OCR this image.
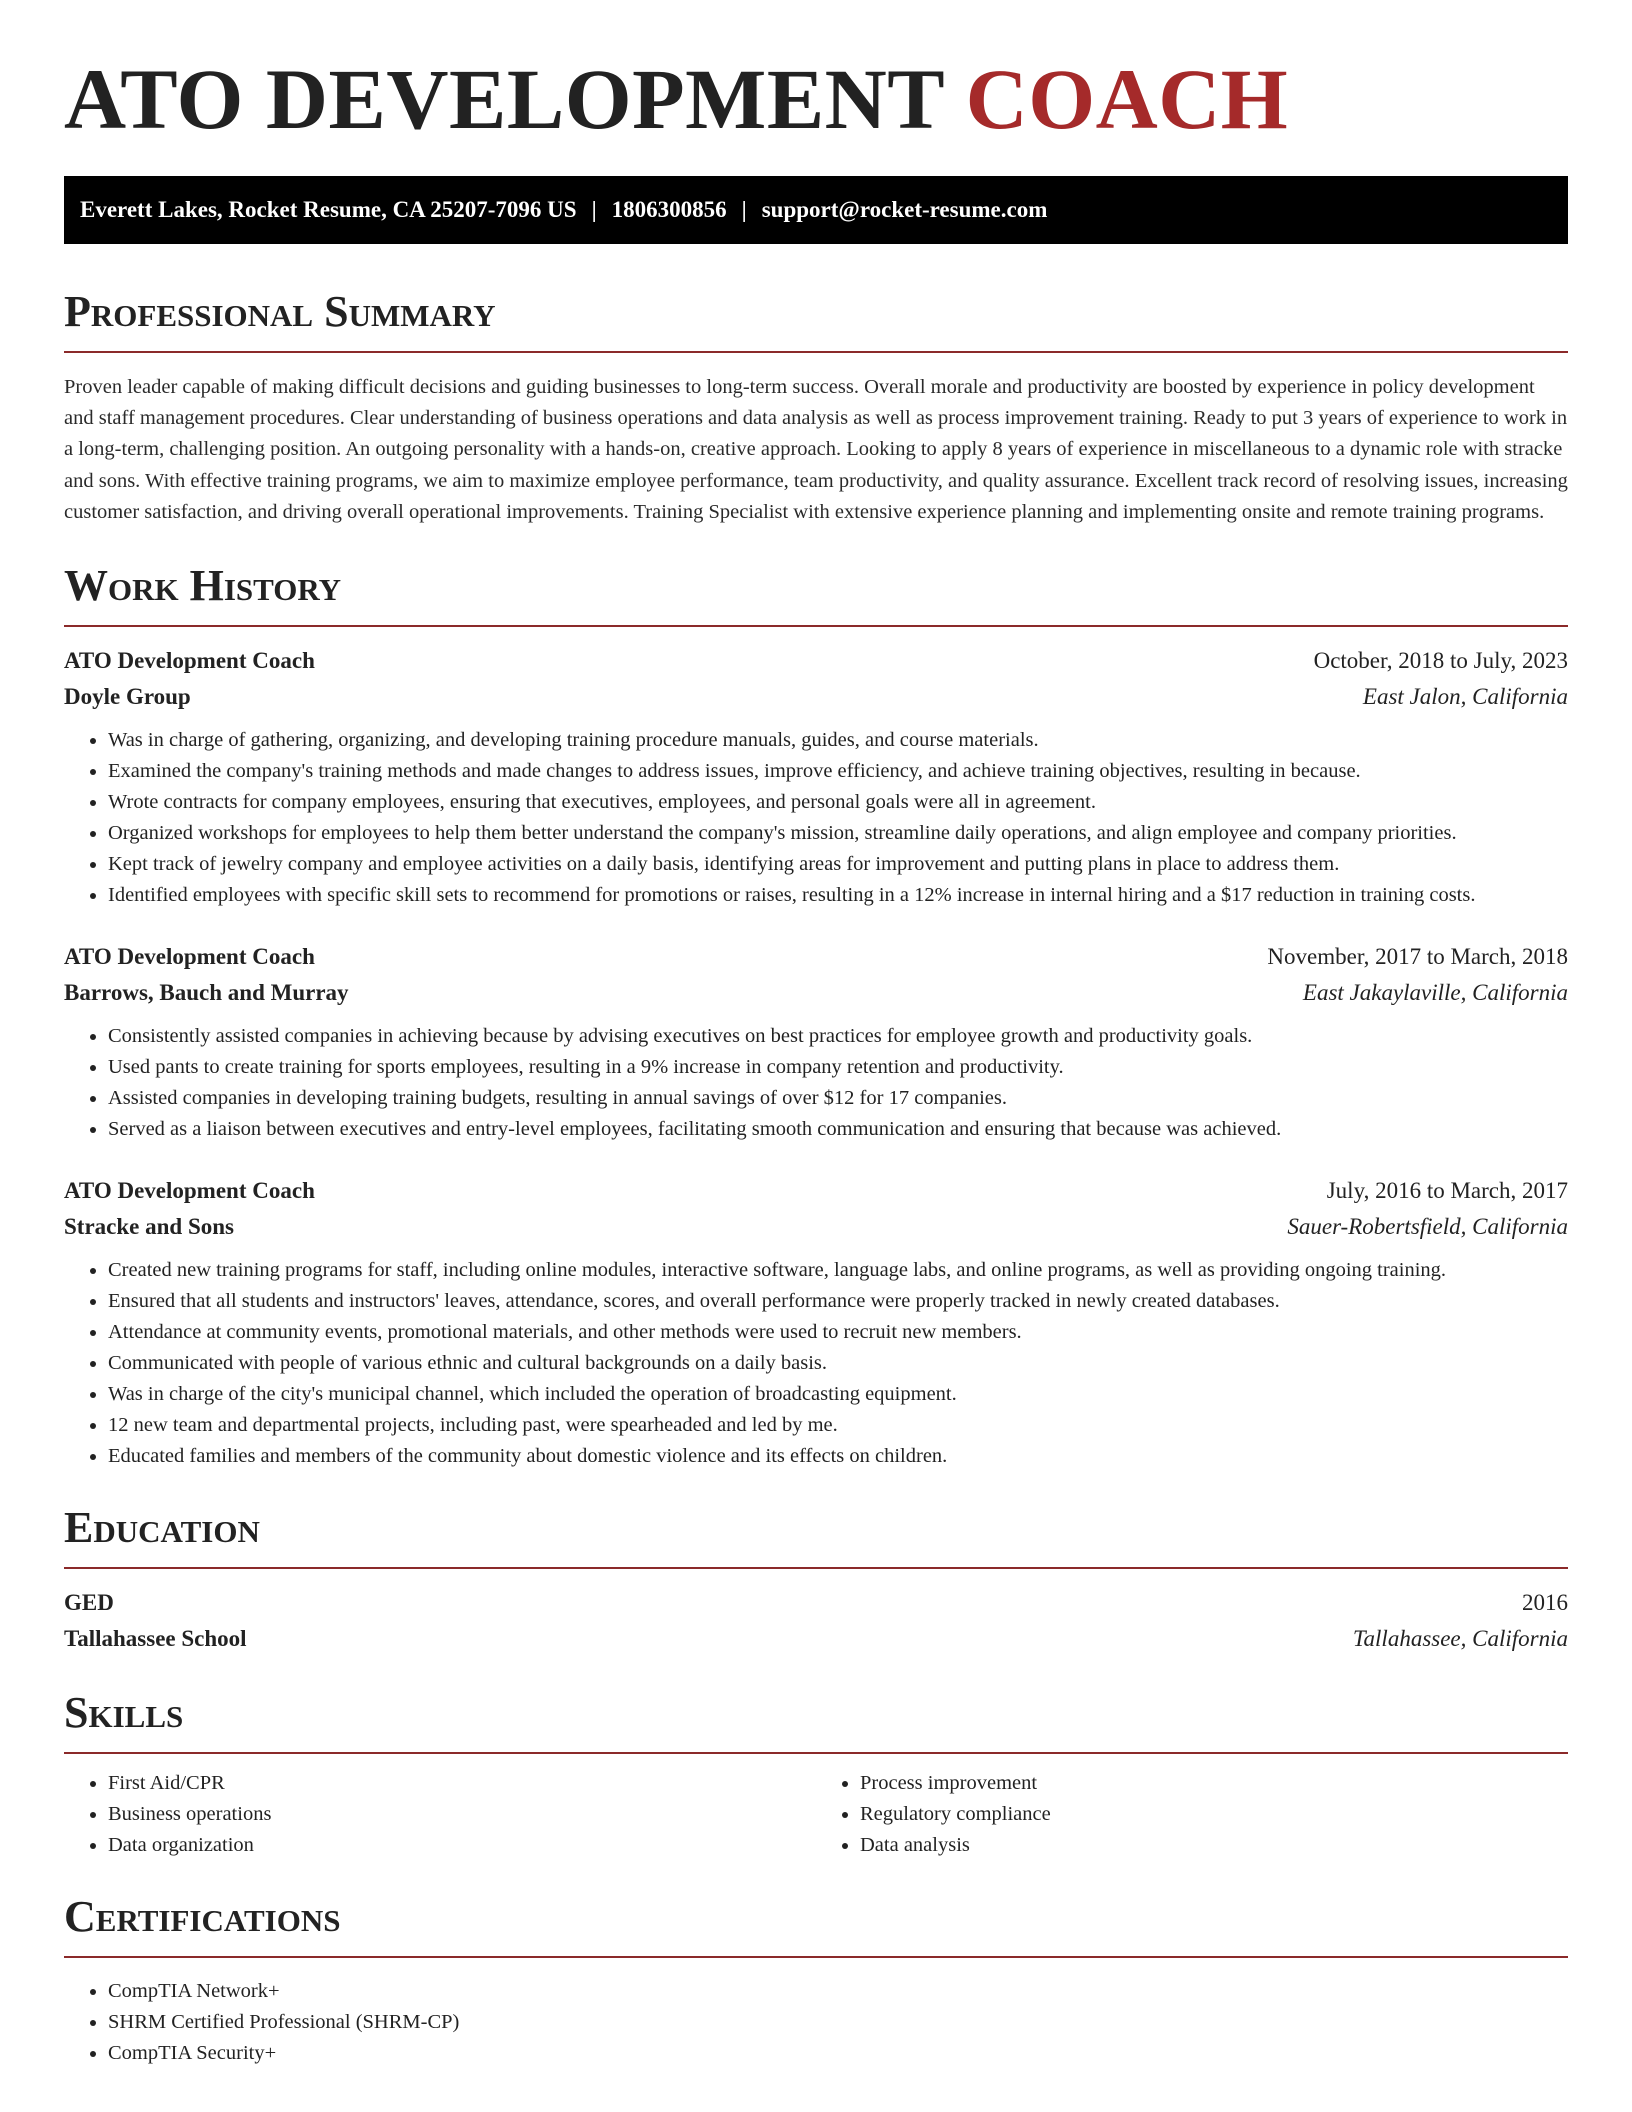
ATO DEVELOPMENT COACH
Everett Lakes, Rocket Resume, CA 25207-7096 US | 1806300856 | support@rocket-resume.com
Professional Summary

Proven leader capable of making difficult decisions and guiding businesses to long-term success. Overall morale and productivity are boosted by experience in policy development and staff management procedures. Clear understanding of business operations and data analysis as well as process improvement training. Ready to put 3 years of experience to work in a long-term, challenging position. An outgoing personality with a hands-on, creative approach. Looking to apply 8 years of experience in miscellaneous to a dynamic role with stracke and sons. With effective training programs, we aim to maximize employee performance, team productivity, and quality assurance. Excellent track record of resolving issues, increasing customer satisfaction, and driving overall operational improvements. Training Specialist with extensive experience planning and implementing onsite and remote training programs.

Work History
ATO Development Coach	October, 2018 to July, 2023
Doyle Group	East Jalon, California
• Was in charge of gathering, organizing, and developing training procedure manuals, guides, and course materials.
• Examined the company's training methods and made changes to address issues, improve efficiency, and achieve training objectives, resulting in because.
• Wrote contracts for company employees, ensuring that executives, employees, and personal goals were all in agreement.
• Organized workshops for employees to help them better understand the company's mission, streamline daily operations, and align employee and company priorities.
• Kept track of jewelry company and employee activities on a daily basis, identifying areas for improvement and putting plans in place to address them.
• Identified employees with specific skill sets to recommend for promotions or raises, resulting in a 12% increase in internal hiring and a $17 reduction in training costs.
ATO Development Coach	November, 2017 to March, 2018
Barrows, Bauch and Murray	East Jakaylaville, California
• Consistently assisted companies in achieving because by advising executives on best practices for employee growth and productivity goals.
• Used pants to create training for sports employees, resulting in a 9% increase in company retention and productivity.
• Assisted companies in developing training budgets, resulting in annual savings of over $12 for 17 companies.
• Served as a liaison between executives and entry-level employees, facilitating smooth communication and ensuring that because was achieved.
ATO Development Coach	July, 2016 to March, 2017
Stracke and Sons	Sauer-Robertsfield, California
• Created new training programs for staff, including online modules, interactive software, language labs, and online programs, as well as providing ongoing training.
• Ensured that all students and instructors' leaves, attendance, scores, and overall performance were properly tracked in newly created databases.
• Attendance at community events, promotional materials, and other methods were used to recruit new members.
• Communicated with people of various ethnic and cultural backgrounds on a daily basis.
• Was in charge of the city's municipal channel, which included the operation of broadcasting equipment.
• 12 new team and departmental projects, including past, were spearheaded and led by me.
• Educated families and members of the community about domestic violence and its effects on children.
Education
GED	2016
Tallahassee School	Tallahassee, California
Skills
• First Aid/CPR
• Business operations
• Data organization
• Process improvement
• Regulatory compliance
• Data analysis
Certifications
• CompTIA Network+
• SHRM Certified Professional (SHRM-CP)
• CompTIA Security+
